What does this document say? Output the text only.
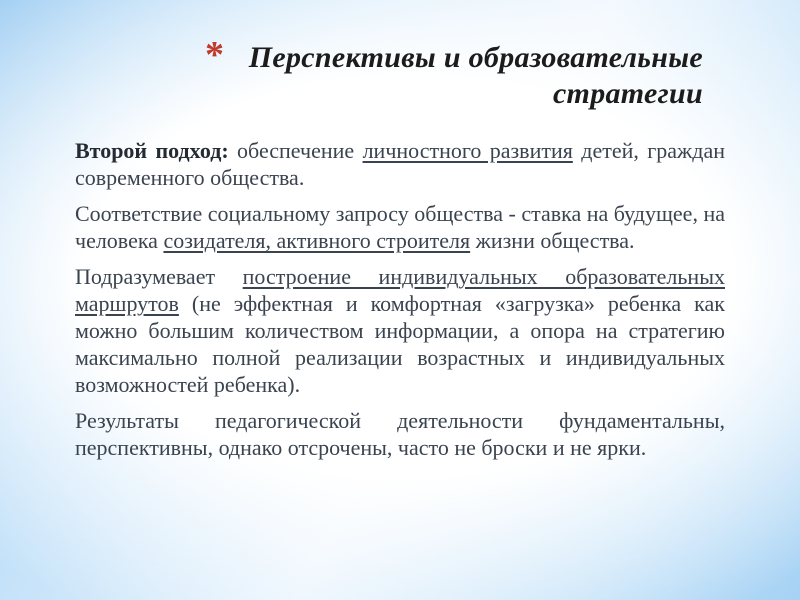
* Перспективы и образовательные
стратегии

Второй подход: обеспечение личностного развития детей, граждан современного общества.

Соответствие социальному запросу общества - ставка на будущее, на человека созидателя, активного строителя жизни общества.

Подразумевает построение индивидуальных образовательных маршрутов (не эффектная и комфортная «загрузка» ребенка как можно большим количеством информации, а опора на стратегию максимально полной реализации возрастных и индивидуальных возможностей ребенка).

Результаты педагогической деятельности фундаментальны, перспективны, однако отсрочены, часто не броски и не ярки.
